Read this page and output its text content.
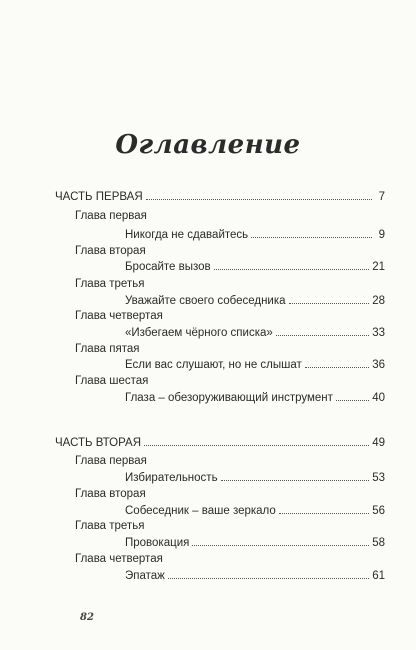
Оглавление
ЧАСТЬ ПЕРВАЯ	7
Глава первая
Никогда не сдавайтесь	9
Глава вторая
Бросайте вызов	21
Глава третья
Уважайте своего собеседника	28
Глава четвертая
«Избегаем чёрного списка»	33
Глава пятая
Если вас слушают, но не слышат	36
Глава шестая
Глаза – обезоруживающий инструмент	40
ЧАСТЬ ВТОРАЯ	49
Глава первая
Избирательность	53
Глава вторая
Собеседник – ваше зеркало	56
Глава третья
Провокация	58
Глава четвертая
Эпатаж	61
82
